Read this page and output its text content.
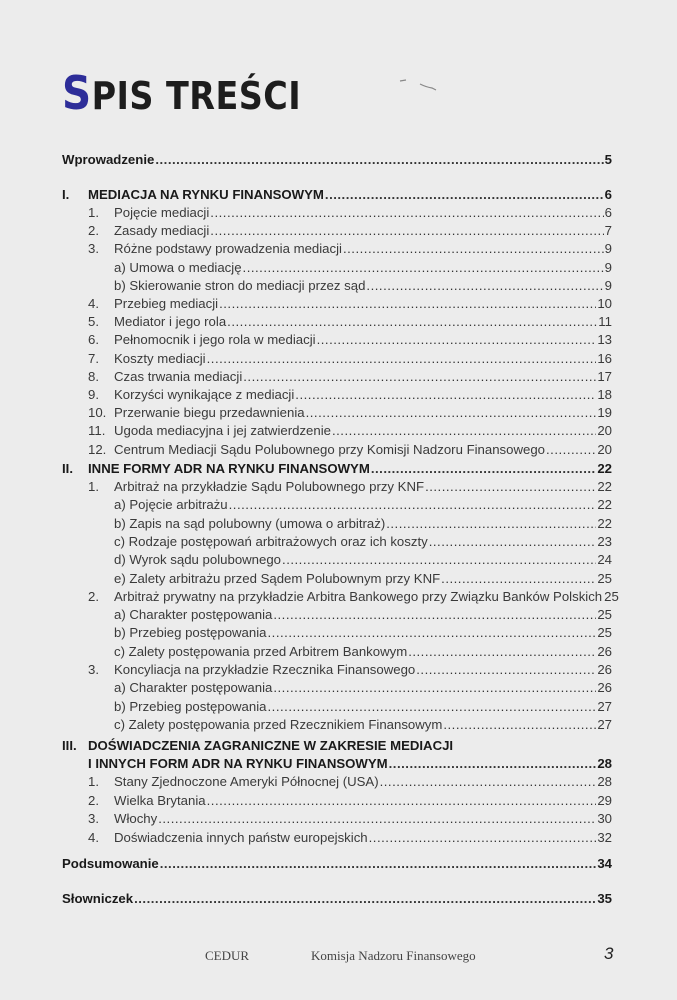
SPIS TREŚCI
Wprowadzenie .....	5
I.	MEDIACJA NA RYNKU FINANSOWYM .....	6
1.	Pojęcie mediacji .....	6
2.	Zasady mediacji .....	7
3.	Różne podstawy prowadzenia mediacji .....	9
a) Umowa o mediację .....	9
b) Skierowanie stron do mediacji przez sąd .....	9
4.	Przebieg mediacji .....	10
5.	Mediator i jego rola .....	11
6.	Pełnomocnik i jego rola w mediacji .....	13
7.	Koszty mediacji .....	16
8.	Czas trwania mediacji .....	17
9.	Korzyści wynikające z mediacji .....	18
10. Przerwanie biegu przedawnienia .....	19
11. Ugoda mediacyjna i jej zatwierdzenie .....	20
12. Centrum Mediacji Sądu Polubownego przy Komisji Nadzoru Finansowego .....	20
II.	INNE FORMY ADR NA RYNKU FINANSOWYM .....	22
1.	Arbitraż na przykładzie Sądu Polubownego przy KNF .....	22
a) Pojęcie arbitrażu .....	22
b) Zapis na sąd polubowny (umowa o arbitraż) .....	22
c) Rodzaje postępowań arbitrażowych oraz ich koszty .....	23
d) Wyrok sądu polubownego .....	24
e) Zalety arbitrażu przed Sądem Polubownym przy KNF .....	25
2.	Arbitraż prywatny na przykładzie Arbitra Bankowego przy Związku Banków Polskich 25
a) Charakter postępowania .....	25
b) Przebieg postępowania .....	25
c) Zalety postępowania przed Arbitrem Bankowym .....	26
3.	Koncyliacja na przykładzie Rzecznika Finansowego .....	26
a) Charakter postępowania .....	26
b) Przebieg postępowania .....	27
c) Zalety postępowania przed Rzecznikiem Finansowym .....	27
III. DOŚWIADCZENIA ZAGRANICZNE W ZAKRESIE MEDIACJI
I INNYCH FORM ADR NA RYNKU FINANSOWYM .....	28
1.	Stany Zjednoczone Ameryki Północnej (USA) .....	28
2.	Wielka Brytania .....	29
3.	Włochy .....	30
4.	Doświadczenia innych państw europejskich .....	32
Podsumowanie .....	34
Słowniczek .....	35
CEDUR	Komisja Nadzoru Finansowego	3
